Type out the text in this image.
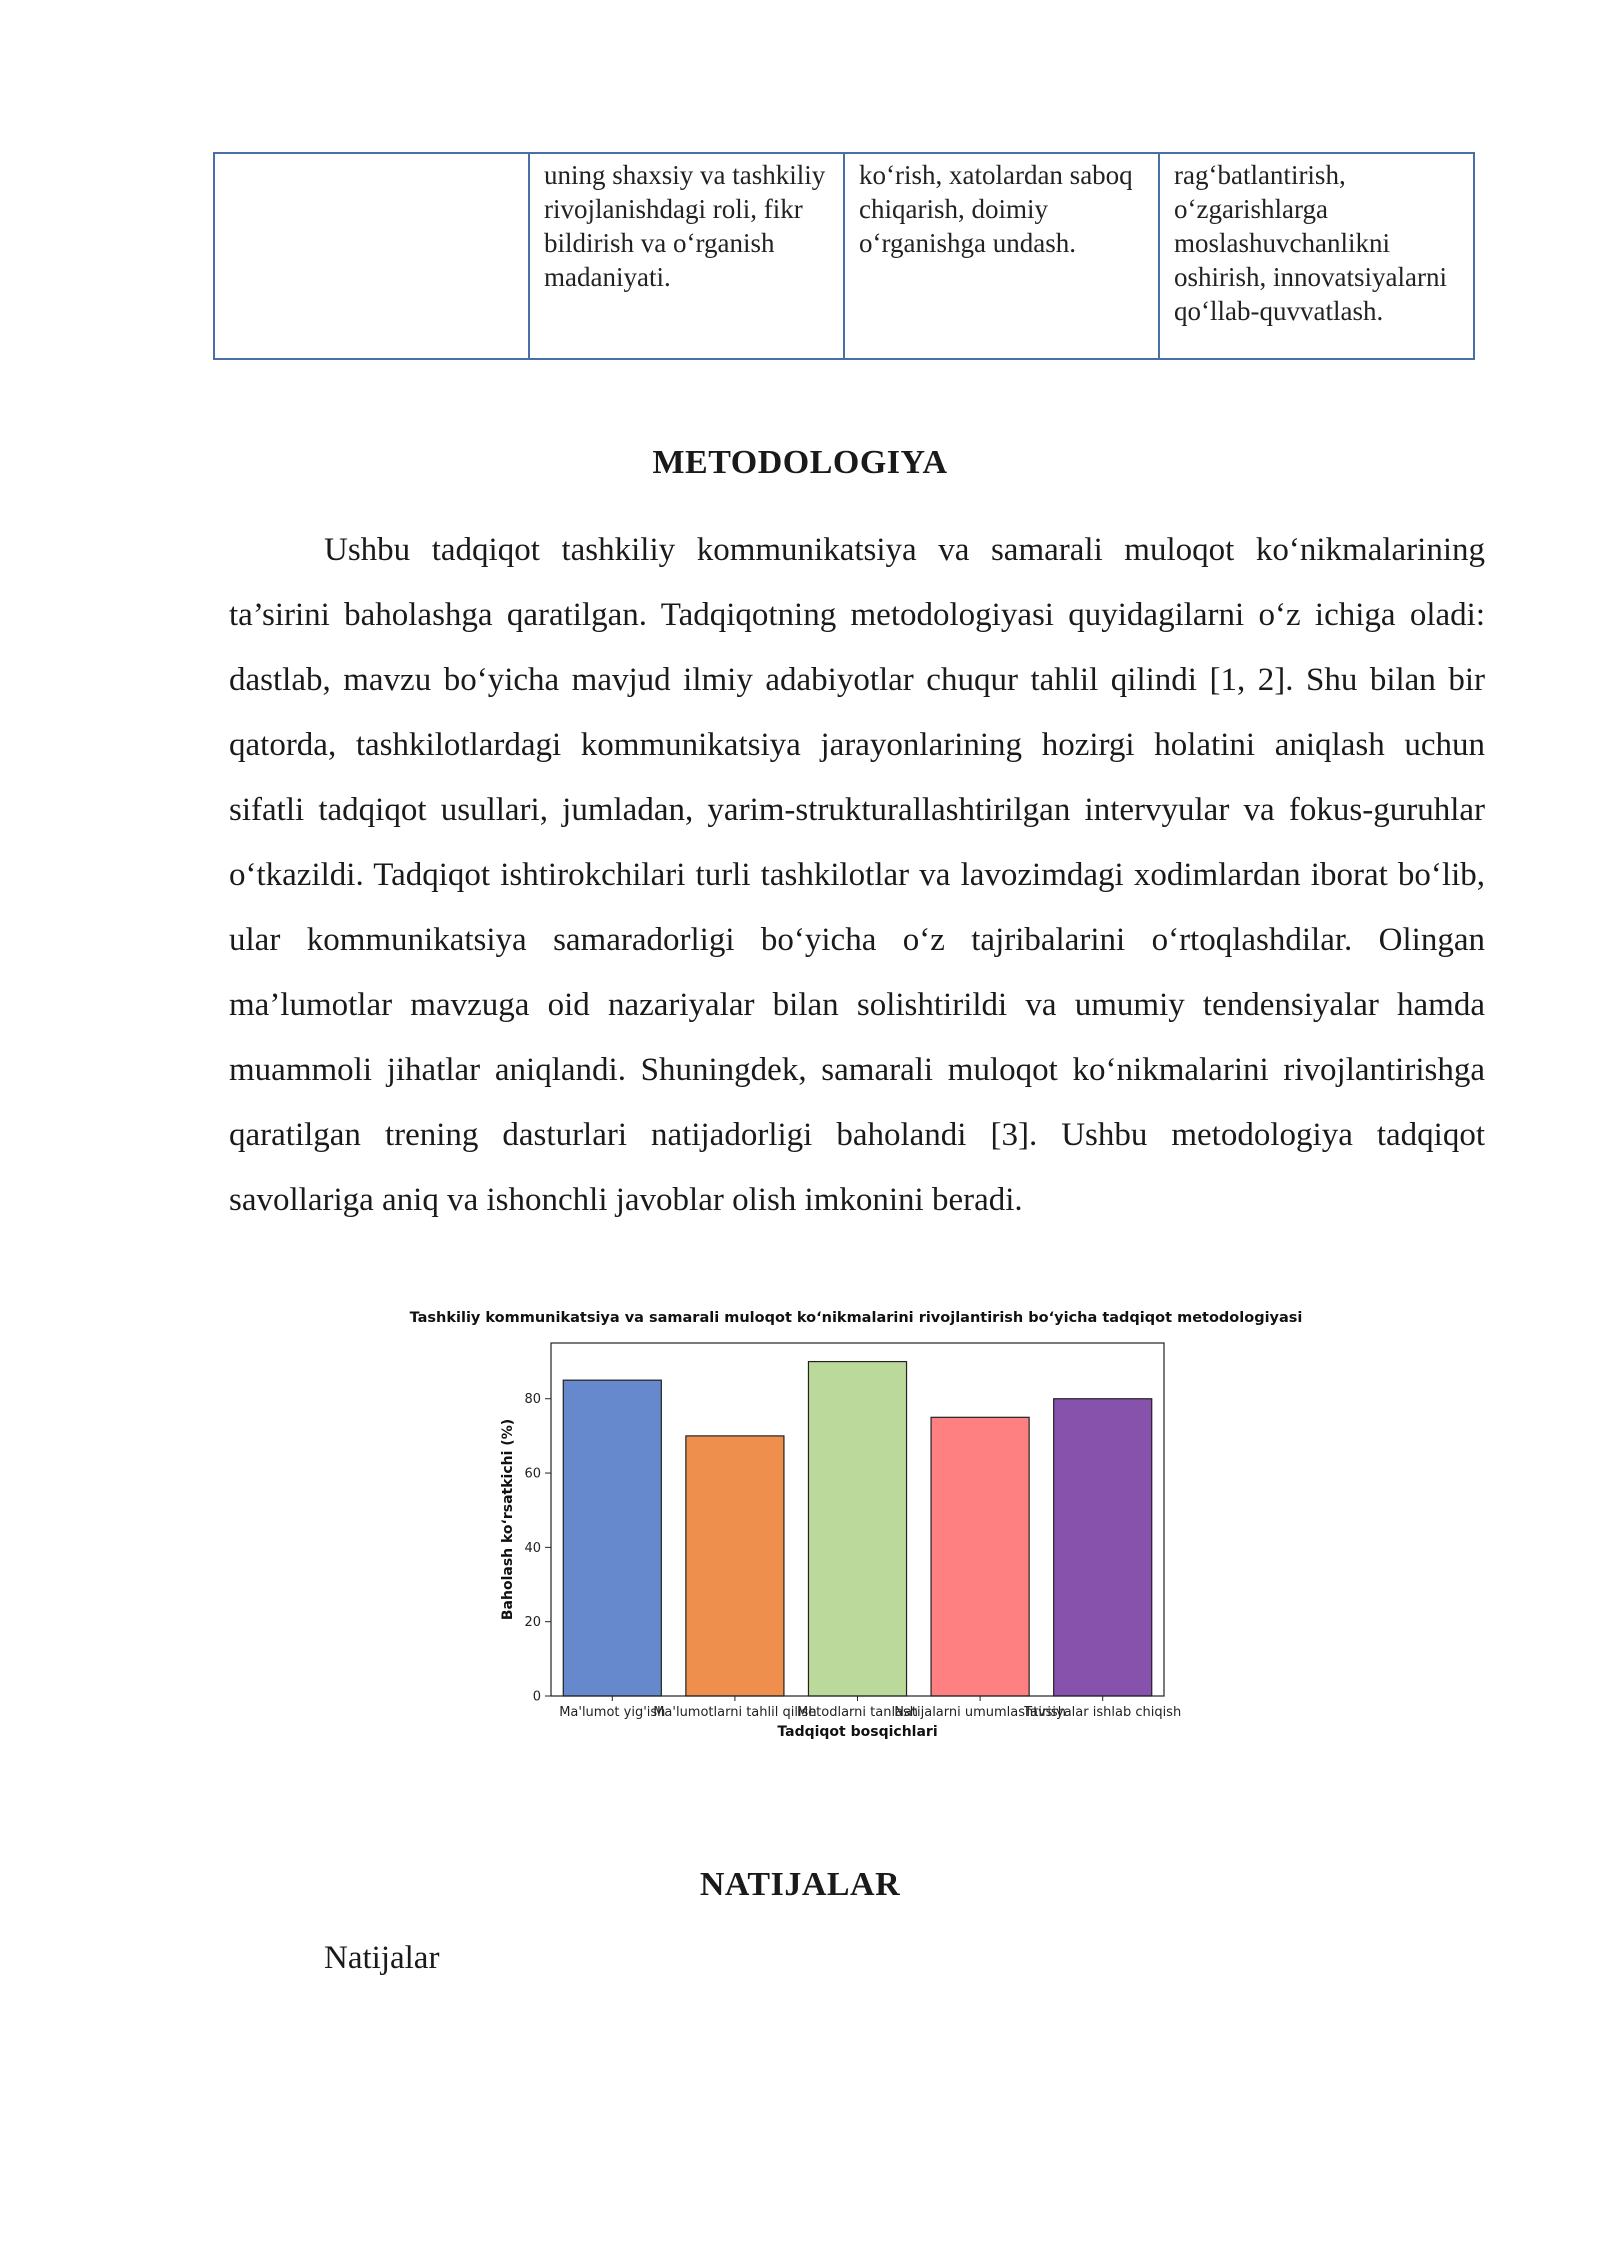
	uning shaxsiy va tashkiliy rivojlanishdagi roli, fikr bildirish va o‘rganish madaniyati.	ko‘rish, xatolardan saboq chiqarish, doimiy o‘rganishga undash.	rag‘batlantirish, o‘zgarishlarga moslashuvchanlikni oshirish, innovatsiyalarni qo‘llab-quvvatlash.
METODOLOGIYA

Ushbu tadqiqot tashkiliy kommunikatsiya va samarali muloqot ko‘nikmalarining ta’sirini baholashga qaratilgan. Tadqiqotning metodologiyasi quyidagilarni o‘z ichiga oladi: dastlab, mavzu bo‘yicha mavjud ilmiy adabiyotlar chuqur tahlil qilindi [1, 2]. Shu bilan bir qatorda, tashkilotlardagi kommunikatsiya jarayonlarining hozirgi holatini aniqlash uchun sifatli tadqiqot usullari, jumladan, yarim-strukturallashtirilgan intervyular va fokus-guruhlar o‘tkazildi. Tadqiqot ishtirokchilari turli tashkilotlar va lavozimdagi xodimlardan iborat bo‘lib, ular kommunikatsiya samaradorligi bo‘yicha o‘z tajribalarini o‘rtoqlashdilar. Olingan ma’lumotlar mavzuga oid nazariyalar bilan solishtirildi va umumiy tendensiyalar hamda muammoli jihatlar aniqlandi. Shuningdek, samarali muloqot ko‘nikmalarini rivojlantirishga qaratilgan trening dasturlari natijadorligi baholandi [3]. Ushbu metodologiya tadqiqot savollariga aniq va ishonchli javoblar olish imkonini beradi.

Tashkiliy kommunikatsiya va samarali muloqot ko‘nikmalarini rivojlantirish bo‘yicha tadqiqot metodologiyasi
Ma'lumot yig'ish
Ma'lumotlarni tahlil qilish
Metodlarni tanlash
Natijalarni umumlashtirish
Tavsiyalar ishlab chiqish
0
20
40
60
80
Tadqiqot bosqichlari
Baholash ko‘rsatkichi (%)
NATIJALAR

Natijalar
